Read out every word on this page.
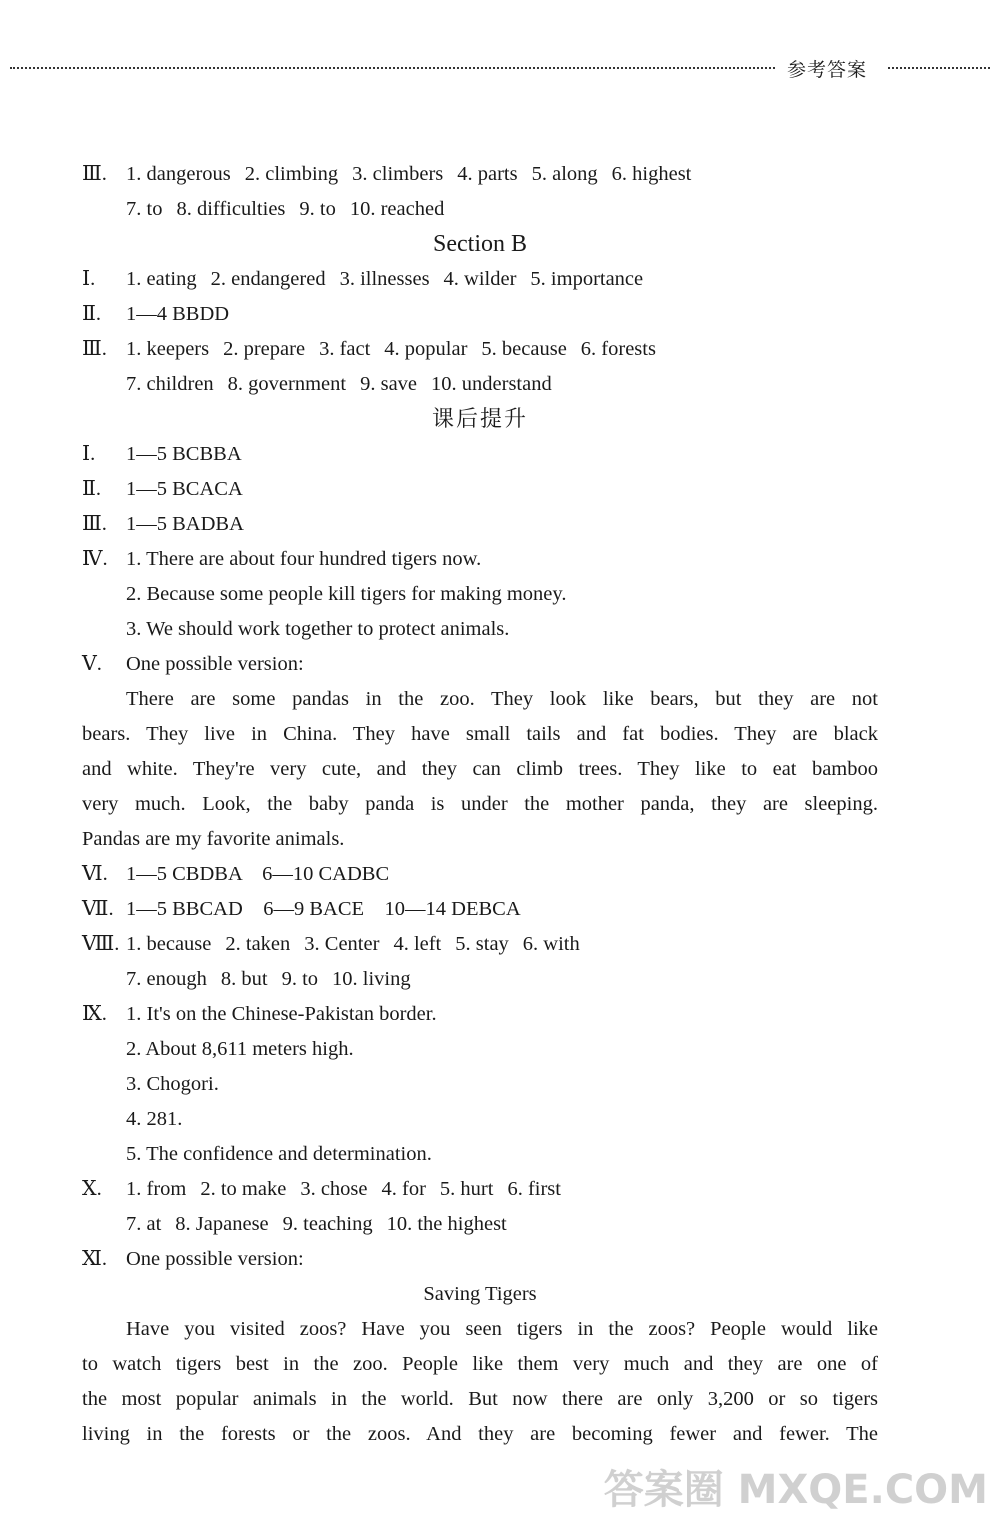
参考答案
Ⅲ. 1. dangerous 2. climbing 3. climbers 4. parts 5. along 6. highest
7. to 8. difficulties 9. to 10. reached
Section B
Ⅰ.	1. eating 2. endangered 3. illnesses 4. wilder 5. importance
Ⅱ.	1—4 BBDD
Ⅲ. 1. keepers 2. prepare 3. fact 4. popular 5. because 6. forests
7. children 8. government 9. save 10. understand
课后提升
Ⅰ.	1—5 BCBBA
Ⅱ.	1—5 BCACA
Ⅲ. 1—5 BADBA
Ⅳ. 1. There are about four hundred tigers now.
2. Because some people kill tigers for making money.
3. We should work together to protect animals.
Ⅴ.	One possible version:
There are some pandas in the zoo. They look like bears, but they are not
bears. They live in China. They have small tails and fat bodies. They are black
and white. They're very cute, and they can climb trees. They like to eat bamboo
very much. Look, the baby panda is under the mother panda, they are sleeping.
Pandas are my favorite animals.
Ⅵ. 1—5 CBDBA    6—10 CADBC
Ⅶ. 1—5 BBCAD    6—9 BACE    10—14 DEBCA
Ⅷ. 1. because 2. taken 3. Center 4. left 5. stay 6. with
7. enough 8. but 9. to 10. living
Ⅸ. 1. It's on the Chinese-Pakistan border.
2. About 8,611 meters high.
3. Chogori.
4. 281.
5. The confidence and determination.
Ⅹ.	1. from 2. to make 3. chose 4. for 5. hurt 6. first
7. at 8. Japanese 9. teaching 10. the highest
Ⅺ. One possible version:
Saving Tigers
Have you visited zoos? Have you seen tigers in the zoos? People would like
to watch tigers best in the zoo. People like them very much and they are one of
the most popular animals in the world. But now there are only 3,200 or so tigers
living in the forests or the zoos. And they are becoming fewer and fewer. The
答案圈 MXQE.COM
